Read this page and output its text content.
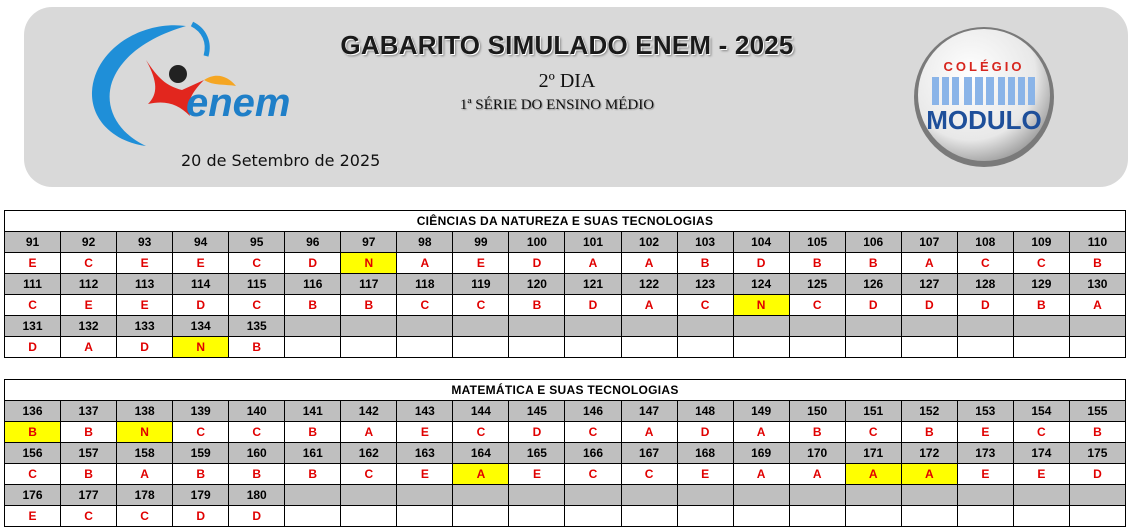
enem
GABARITO SIMULADO ENEM - 2025
2º DIA
1ª SÉRIE DO ENSINO MÉDIO
20 de Setembro de 2025
COLÉGIO
MODULO
CIÊNCIAS DA NATUREZA E SUAS TECNOLOGIAS																			
91	92	93	94	95	96	97	98	99	100	101	102	103	104	105	106	107	108	109	110
E	C	E	E	C	D	N	A	E	D	A	A	B	D	B	B	A	C	C	B
111	112	113	114	115	116	117	118	119	120	121	122	123	124	125	126	127	128	129	130
C	E	E	D	C	B	B	C	C	B	D	A	C	N	C	D	D	D	B	A
131	132	133	134	135															
D	A	D	N	B															
MATEMÁTICA E SUAS TECNOLOGIAS																			
136	137	138	139	140	141	142	143	144	145	146	147	148	149	150	151	152	153	154	155
B	B	N	C	C	B	A	E	C	D	C	A	D	A	B	C	B	E	C	B
156	157	158	159	160	161	162	163	164	165	166	167	168	169	170	171	172	173	174	175
C	B	A	B	B	B	C	E	A	E	C	C	E	A	A	A	A	E	E	D
176	177	178	179	180															
E	C	C	D	D															
